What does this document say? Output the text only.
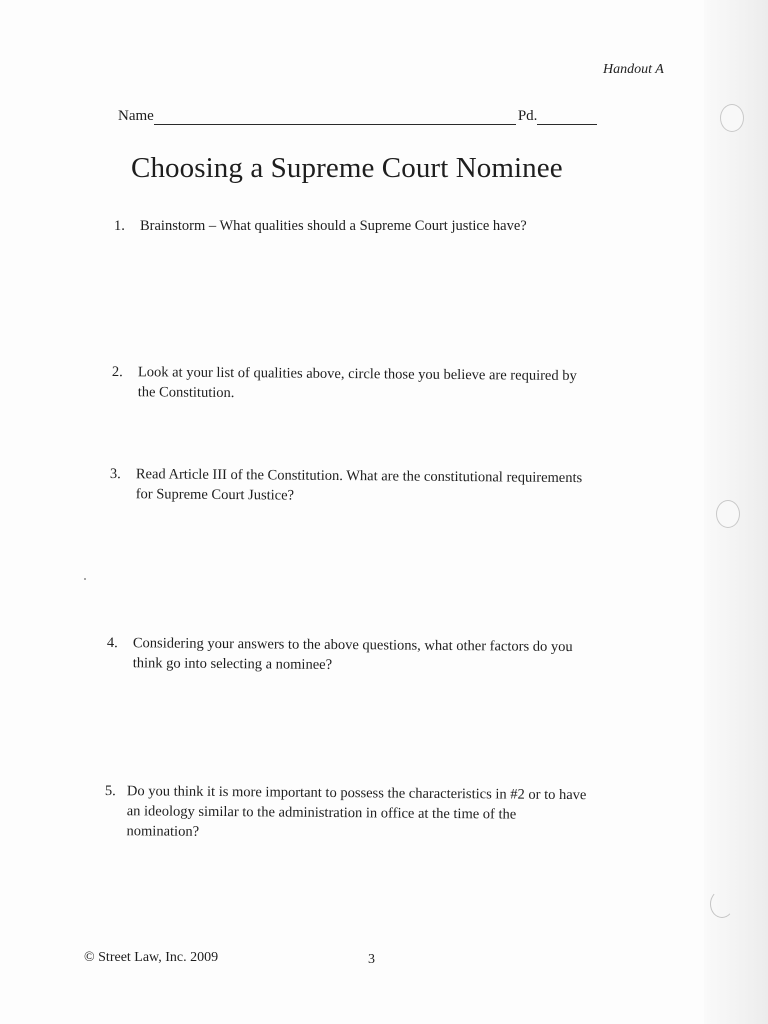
Handout A
Name	Pd.
Choosing a Supreme Court Nominee
1.	Brainstorm – What qualities should a Supreme Court justice have?
2.	Look at your list of qualities above, circle those you believe are required by
the Constitution.
3.	Read Article III of the Constitution. What are the constitutional requirements
for Supreme Court Justice?
4.	Considering your answers to the above questions, what other factors do you
think go into selecting a nominee?
5. Do you think it is more important to possess the characteristics in #2 or to have
an ideology similar to the administration in office at the time of the
nomination?
© Street Law, Inc. 2009	3
